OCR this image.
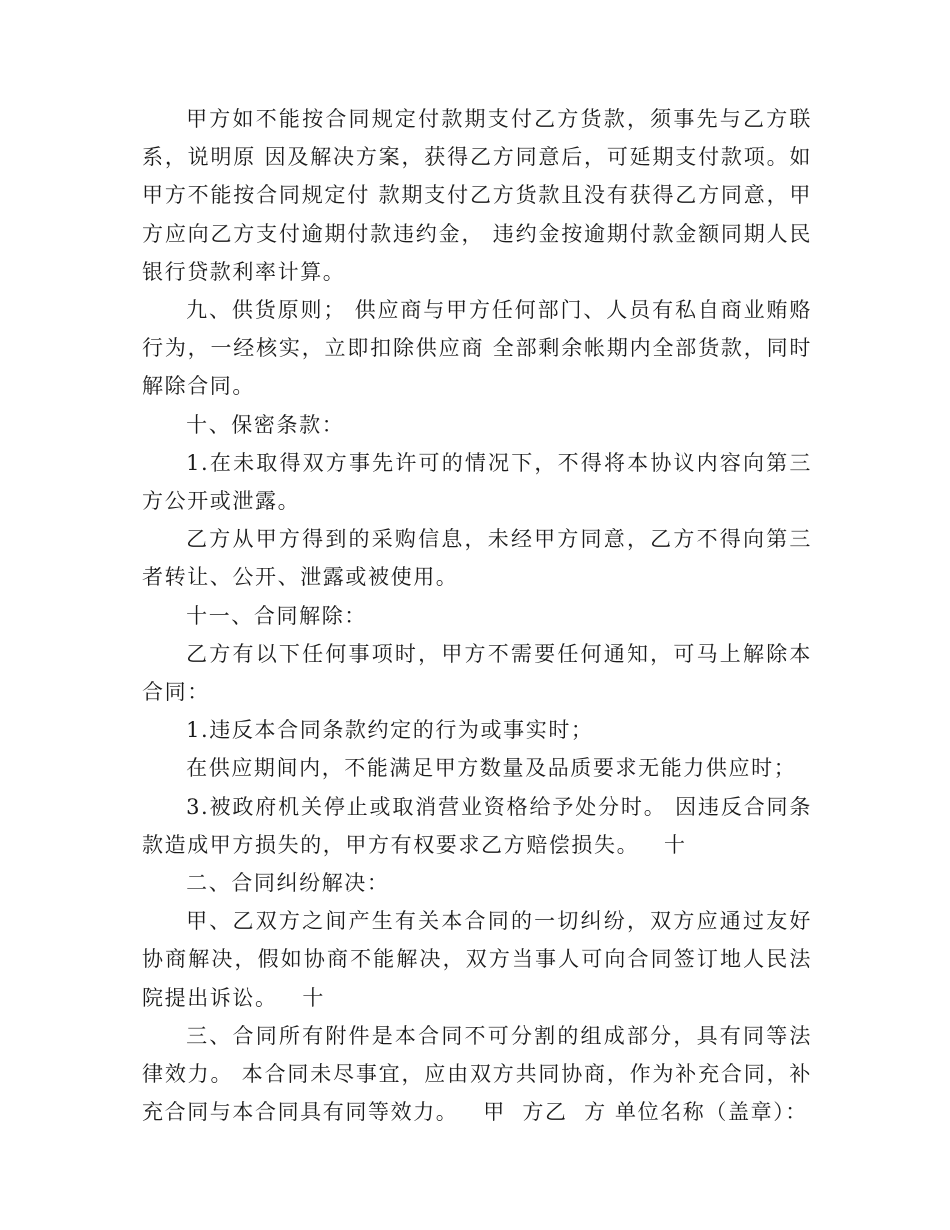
甲方如不能按合同规定付款期支付乙方货款，须事先与乙方联系，说明原 因及解决方案，获得乙方同意后，可延期支付款项。如甲方不能按合同规定付 款期支付乙方货款且没有获得乙方同意，甲方应向乙方支付逾期付款违约金， 违约金按逾期付款金额同期人民银行贷款利率计算。

九、供货原则； 供应商与甲方任何部门、人员有私自商业贿赂行为，一经核实，立即扣除供应商 全部剩余帐期内全部货款，同时解除合同。

十、保密条款：

1.在未取得双方事先许可的情况下，不得将本协议内容向第三方公开或泄露。

乙方从甲方得到的采购信息，未经甲方同意，乙方不得向第三者转让、公开、泄露或被使用。

十一、合同解除：

乙方有以下任何事项时，甲方不需要任何通知，可马上解除本合同：

1.违反本合同条款约定的行为或事实时；

在供应期间内，不能满足甲方数量及品质要求无能力供应时；

3.被政府机关停止或取消营业资格给予处分时。 因违反合同条款造成甲方损失的，甲方有权要求乙方赔偿损失。   十

二、合同纠纷解决：

甲、乙双方之间产生有关本合同的一切纠纷，双方应通过友好协商解决，假如协商不能解决，双方当事人可向合同签订地人民法院提出诉讼。   十

三、合同所有附件是本合同不可分割的组成部分，具有同等法律效力。 本合同未尽事宜，应由双方共同协商，作为补充合同，补充合同与本合同具有同等效力。   甲  方乙  方 单位名称（盖章）：
